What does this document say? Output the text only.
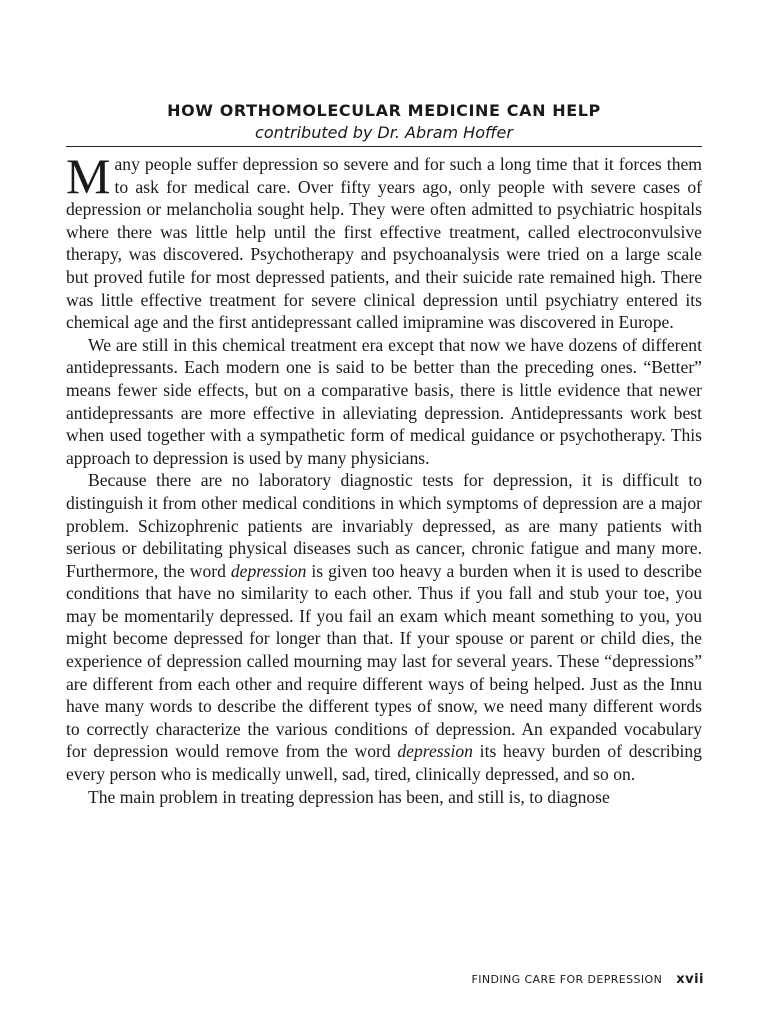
HOW ORTHOMOLECULAR MEDICINE CAN HELP
contributed by Dr. Abram Hoffer

Many people suffer depression so severe and for such a long time that it forces them to ask for medical care. Over fifty years ago, only people with severe cases of depression or melancholia sought help. They were often admitted to psychiatric hospitals where there was little help until the first effective treatment, called electroconvulsive therapy, was discovered. Psychotherapy and psychoanalysis were tried on a large scale but proved futile for most depressed patients, and their suicide rate remained high. There was little effective treatment for severe clinical depression until psychiatry entered its chemical age and the first antidepressant called imipramine was discovered in Europe.

We are still in this chemical treatment era except that now we have dozens of different antidepressants. Each modern one is said to be better than the preceding ones. “Better” means fewer side effects, but on a comparative basis, there is little evidence that newer antidepressants are more effective in alleviating depression. Antidepressants work best when used together with a sympathetic form of medical guidance or psychotherapy. This approach to depression is used by many physicians.

Because there are no laboratory diagnostic tests for depression, it is difficult to distinguish it from other medical conditions in which symptoms of depression are a major problem. Schizophrenic patients are invariably depressed, as are many patients with serious or debilitating physical diseases such as cancer, chronic fatigue and many more. Furthermore, the word depression is given too heavy a burden when it is used to describe conditions that have no similarity to each other. Thus if you fall and stub your toe, you may be momentarily depressed. If you fail an exam which meant something to you, you might become depressed for longer than that. If your spouse or parent or child dies, the experience of depression called mourning may last for several years. These “depressions” are different from each other and require different ways of being helped. Just as the Innu have many words to describe the different types of snow, we need many different words to correctly characterize the various conditions of depression. An expanded vocabulary for depression would remove from the word depression its heavy burden of describing every person who is medically unwell, sad, tired, clinically depressed, and so on.

The main problem in treating depression has been, and still is, to diagnose

FINDING CARE FOR DEPRESSION xvii
